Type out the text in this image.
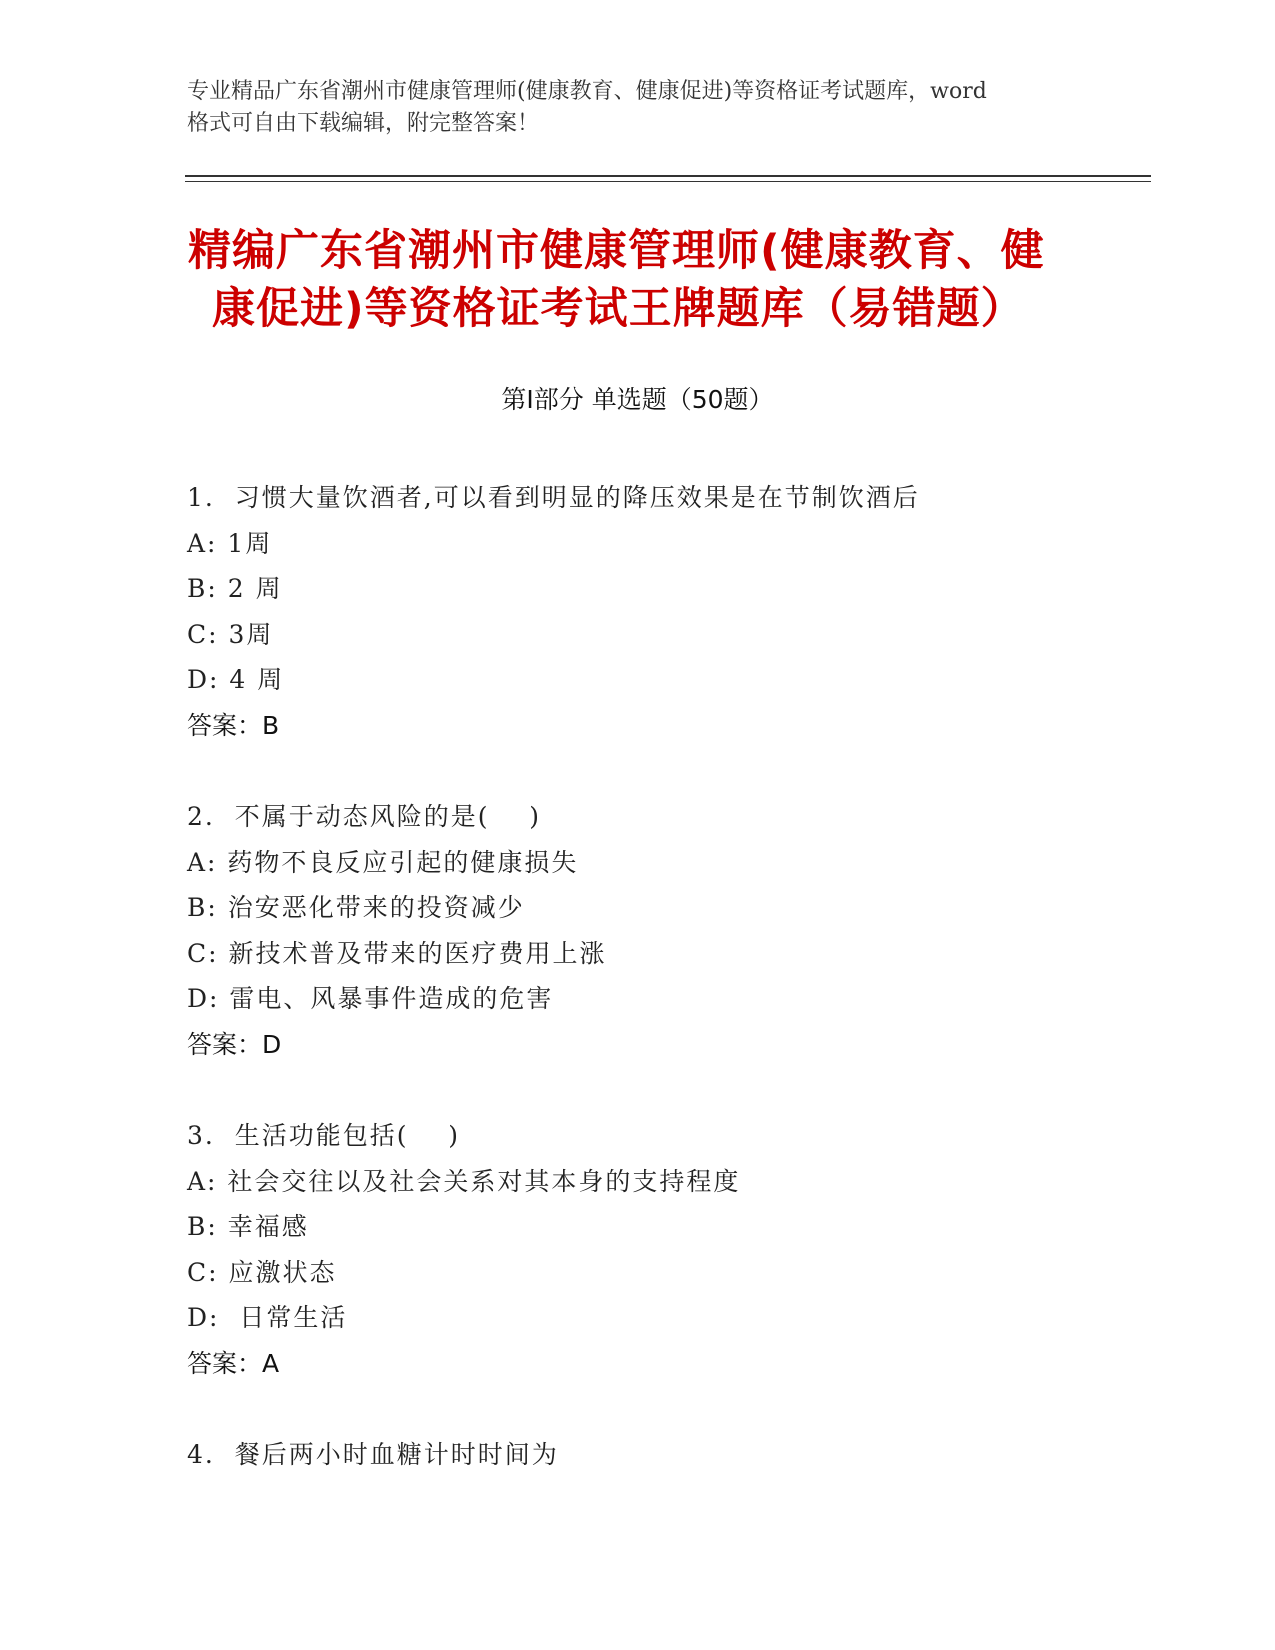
专业精品广东省潮州市健康管理师(健康教育、健康促进)等资格证考试题库，word
格式可自由下载编辑，附完整答案！
精编广东省潮州市健康管理师(健康教育、健
康促进)等资格证考试王牌题库（易错题）
第Ⅰ部分 单选题（50题）
1.  习惯大量饮酒者,可以看到明显的降压效果是在节制饮酒后
A: 1周
B: 2 周
C: 3周
D: 4 周
答案：B
2.  不属于动态风险的是(    )
A: 药物不良反应引起的健康损失
B: 治安恶化带来的投资减少
C: 新技术普及带来的医疗费用上涨
D: 雷电、风暴事件造成的危害
答案：D
3.  生活功能包括(    )
A: 社会交往以及社会关系对其本身的支持程度
B: 幸福感
C: 应激状态
D:  日常生活
答案：A
4.  餐后两小时血糖计时时间为
